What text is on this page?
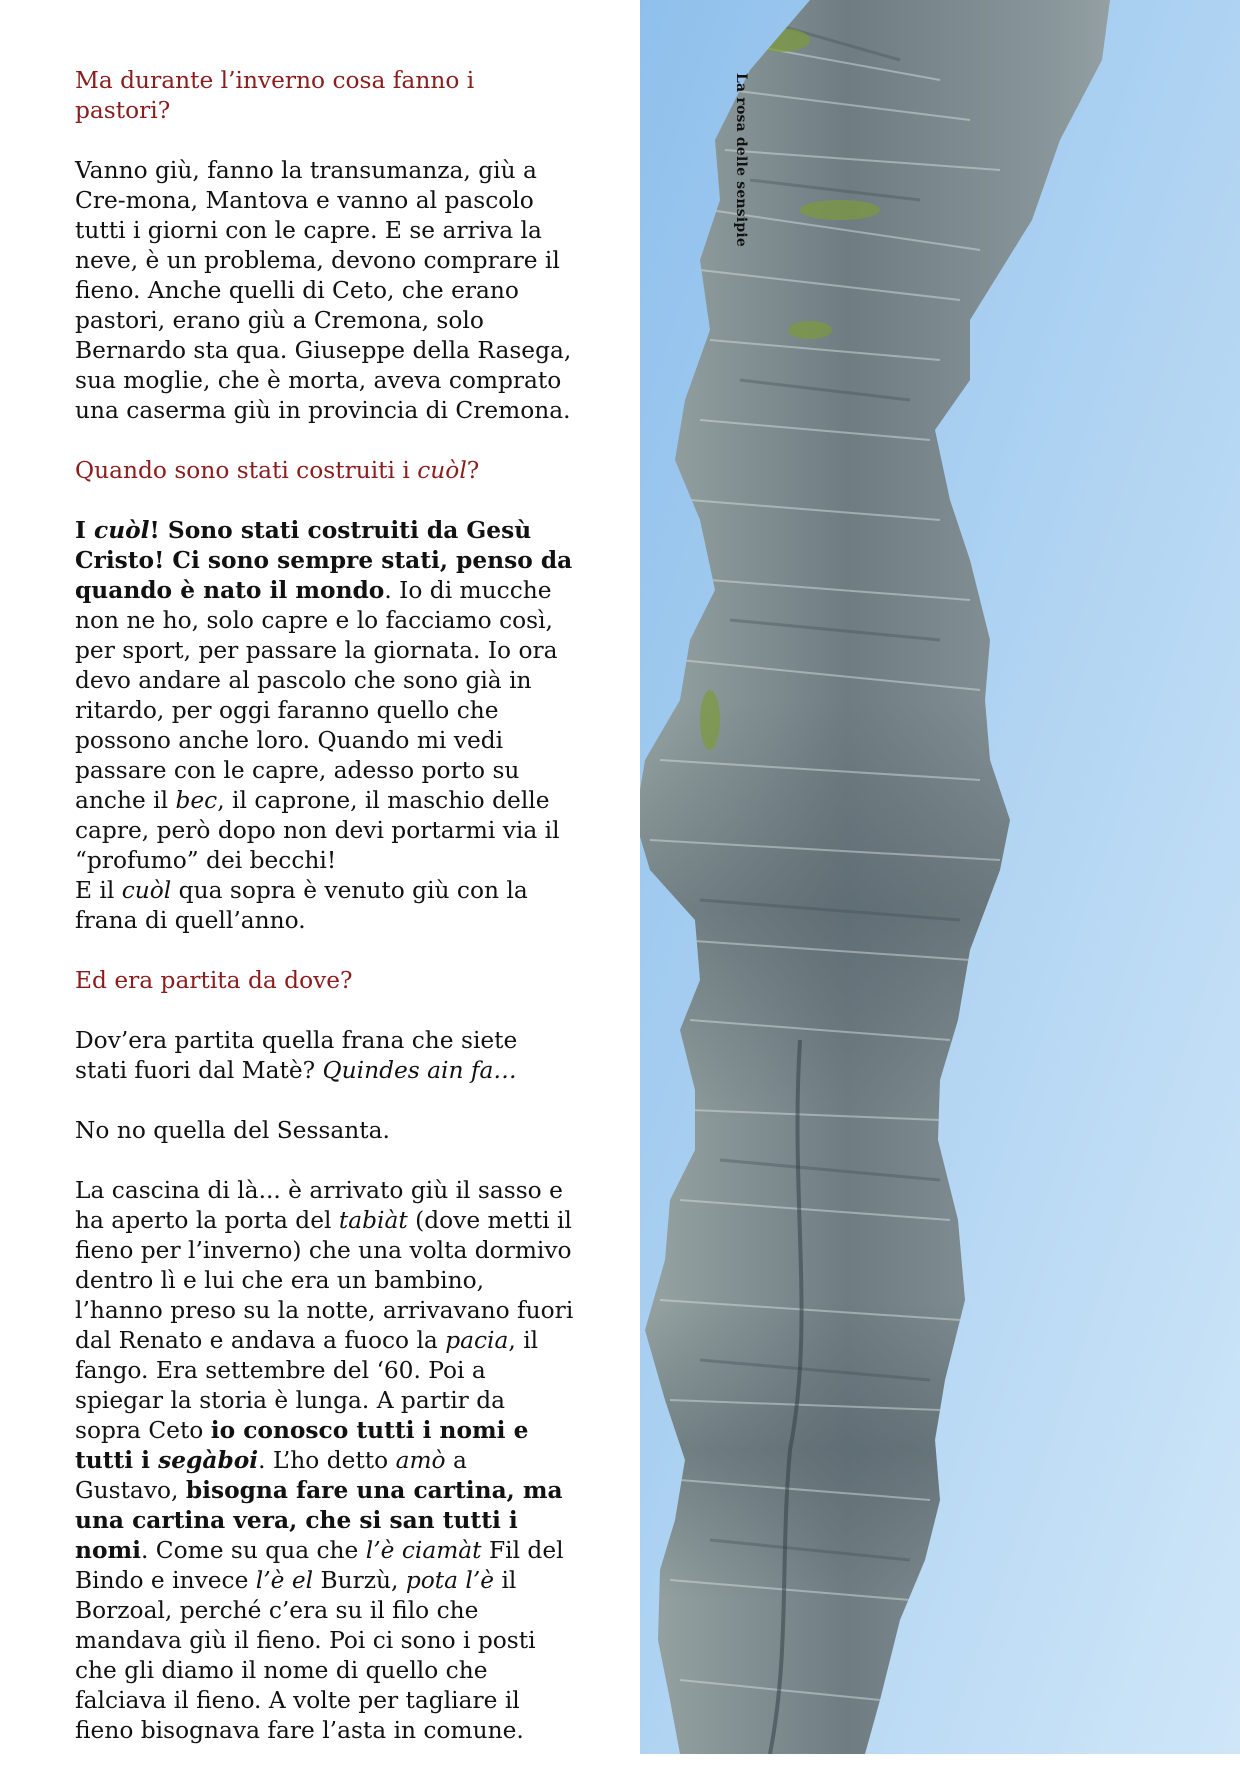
La rosa delle sensipie

Ma durante l’inverno cosa fanno i pastori?

Vanno giù, fanno la transumanza, giù a Cre-mona, Mantova e vanno al pascolo tutti i giorni con le capre. E se arriva la neve, è un problema, devono comprare il fieno. Anche quelli di Ceto, che erano pastori, erano giù a Cremona, solo Bernardo sta qua. Giuseppe della Rasega, sua moglie, che è morta, aveva comprato una caserma giù in provincia di Cremona.

Quando sono stati costruiti i cuòl?

I cuòl! Sono stati costruiti da Gesù Cristo! Ci sono sempre stati, penso da quando è nato il mondo. Io di mucche non ne ho, solo capre e lo facciamo così, per sport, per passare la giornata. Io ora devo andare al pascolo che sono già in ritardo, per oggi faranno quello che possono anche loro. Quando mi vedi passare con le capre, adesso porto su anche il bec, il caprone, il maschio delle capre, però dopo non devi portarmi via il “profumo” dei becchi!

E il cuòl qua sopra è venuto giù con la frana di quell’anno.

Ed era partita da dove?

Dov’era partita quella frana che siete stati fuori dal Matè? Quindes ain fa…

No no quella del Sessanta.

La cascina di là... è arrivato giù il sasso e ha aperto la porta del tabiàt (dove metti il fieno per l’inverno) che una volta dormivo dentro lì e lui che era un bambino, l’hanno preso su la notte, arrivavano fuori dal Renato e andava a fuoco la pacia, il fango. Era settembre del ‘60. Poi a spiegar la storia è lunga. A partir da sopra Ceto io conosco tutti i nomi e tutti i segàboi. L’ho detto amò a Gustavo, bisogna fare una cartina, ma una cartina vera, che si san tutti i nomi. Come su qua che l’è ciamàt Fil del Bindo e invece l’è el Burzù, pota l’è il Borzoal, perché c’era su il filo che mandava giù il fieno. Poi ci sono i posti che gli diamo il nome di quello che falciava il fieno. A volte per tagliare il fieno bisognava fare l’asta in comune.
